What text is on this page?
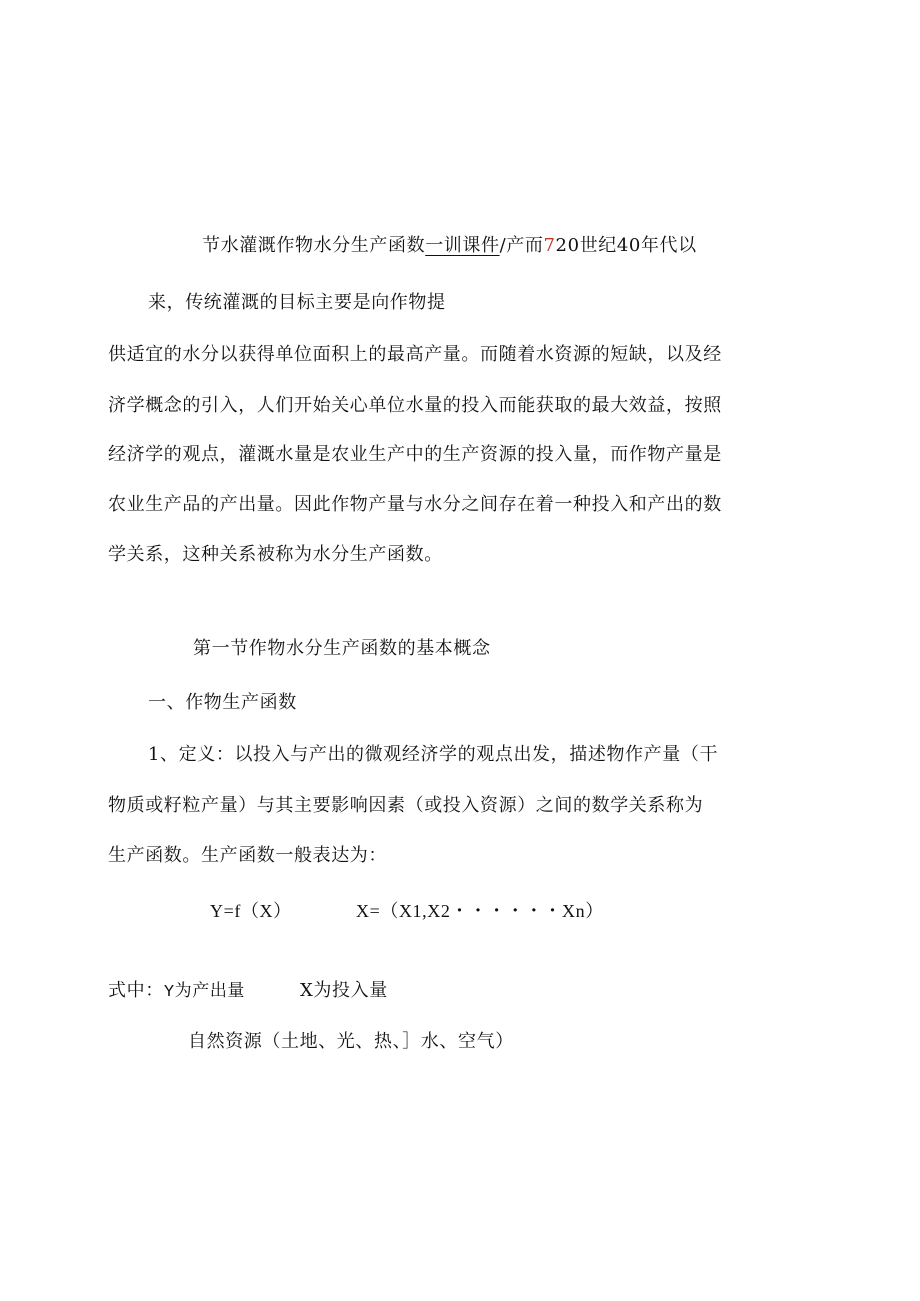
节水灌溉作物水分生产函数一训课件/产而720世纪40年代以
来，传统灌溉的目标主要是向作物提
供适宜的水分以获得单位面积上的最高产量。而随着水资源的短缺，以及经
济学概念的引入，人们开始关心单位水量的投入而能获取的最大效益，按照
经济学的观点，灌溉水量是农业生产中的生产资源的投入量，而作物产量是
农业生产品的产出量。因此作物产量与水分之间存在着一种投入和产出的数
学关系，这种关系被称为水分生产函数。
第一节作物水分生产函数的基本概念
一、作物生产函数
1、定义：以投入与产出的微观经济学的观点出发，描述物作产量（干
物质或籽粒产量）与其主要影响因素（或投入资源）之间的数学关系称为
生产函数。生产函数一般表达为：
Y=f（X）	X=（X1,X2・・・・・・Xn）
式中：Y为产出量	X为投入量
自然资源（土地、光、热、］水、空气）
